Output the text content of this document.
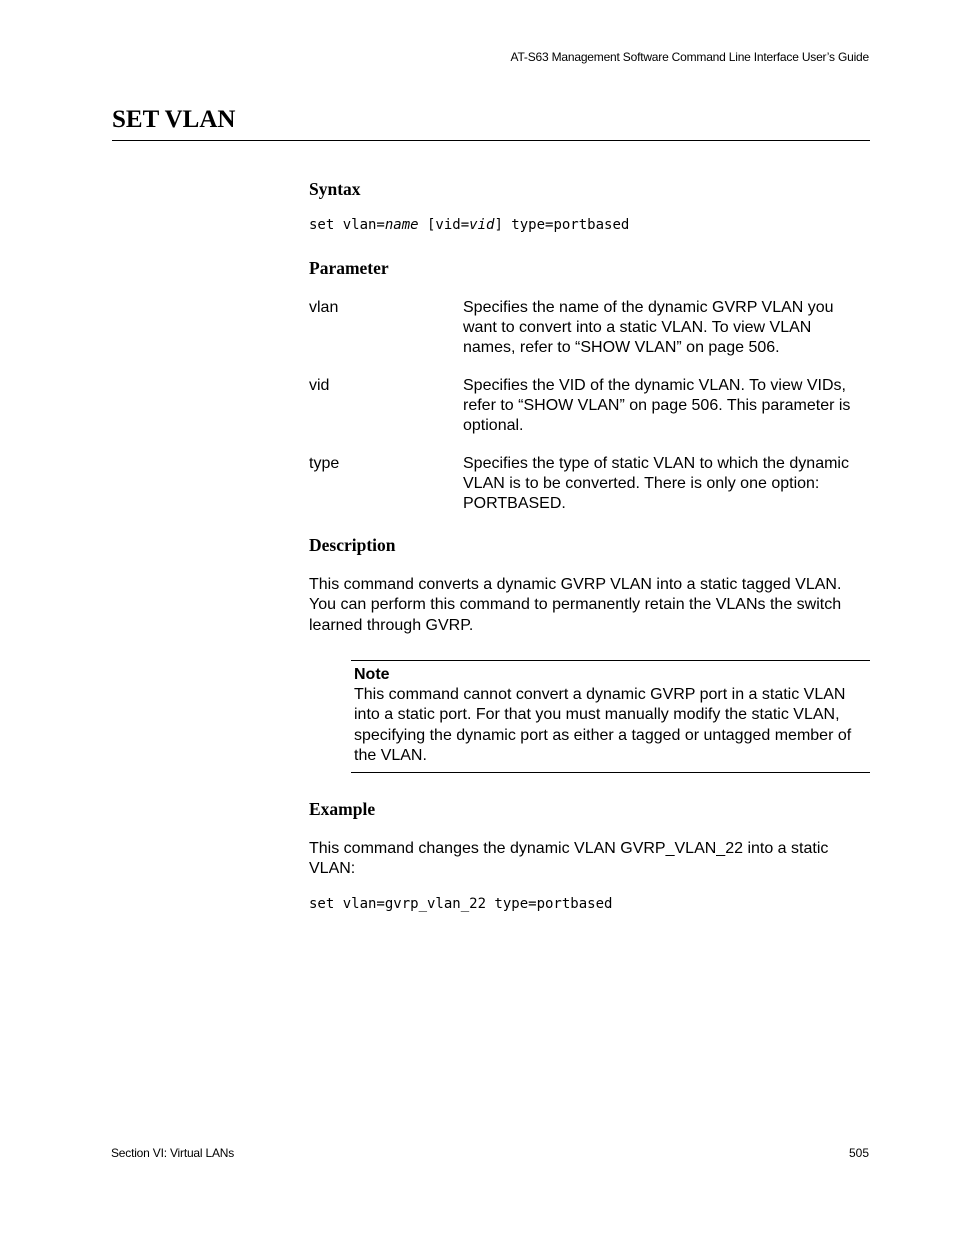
AT-S63 Management Software Command Line Interface User’s Guide
SET VLAN
Syntax
set vlan=name [vid=vid] type=portbased
Parameter
vlan	Specifies the name of the dynamic GVRP VLAN you want to convert into a static VLAN. To view VLAN names, refer to “SHOW VLAN” on page 506.
vid	Specifies the VID of the dynamic VLAN. To view VIDs, refer to “SHOW VLAN” on page 506. This parameter is optional.
type	Specifies the type of static VLAN to which the dynamic VLAN is to be converted. There is only one option: PORTBASED.
Description

This command converts a dynamic GVRP VLAN into a static tagged VLAN. You can perform this command to permanently retain the VLANs the switch learned through GVRP.

Note
This command cannot convert a dynamic GVRP port in a static VLAN into a static port. For that you must manually modify the static VLAN, specifying the dynamic port as either a tagged or untagged member of the VLAN.
Example

This command changes the dynamic VLAN GVRP_VLAN_22 into a static VLAN:

set vlan=gvrp_vlan_22 type=portbased
Section VI: Virtual LANs	505
